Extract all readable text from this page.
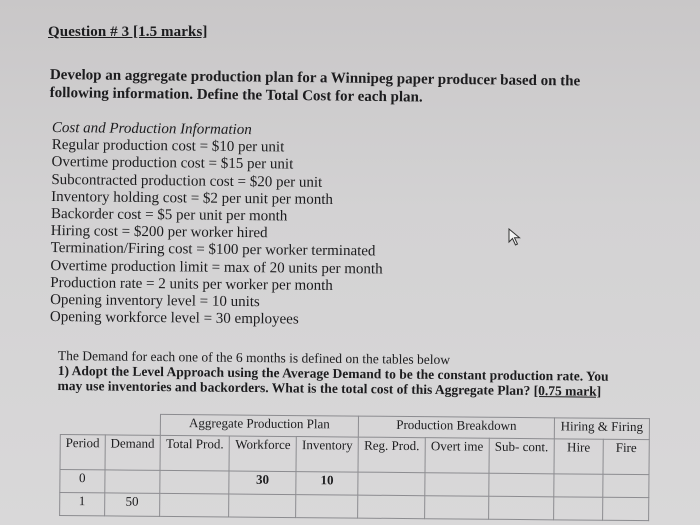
Question # 3 [1.5 marks]
Develop an aggregate production plan for a Winnipeg paper producer based on the following information. Define the Total Cost for each plan.
Cost and Production Information
Regular production cost = $10 per unit
Overtime production cost = $15 per unit
Subcontracted production cost = $20 per unit
Inventory holding cost = $2 per unit per month
Backorder cost = $5 per unit per month
Hiring cost = $200 per worker hired
Termination/Firing cost = $100 per worker terminated
Overtime production limit = max of 20 units per month
Production rate = 2 units per worker per month
Opening inventory level = 10 units
Opening workforce level = 30 employees
The Demand for each one of the 6 months is defined on the tables below
1) Adopt the Level Approach using the Average Demand to be the constant production rate. You may use inventories and backorders. What is the total cost of this Aggregate Plan? [0.75 mark]
		Aggregate Production Plan			Production Breakdown			Hiring & Firing	
Period	Demand	Total Prod.	Workforce	Inventory	Reg. Prod.	Overt ime	Sub- cont.	Hire	Fire
0			30	10					
1	50								
